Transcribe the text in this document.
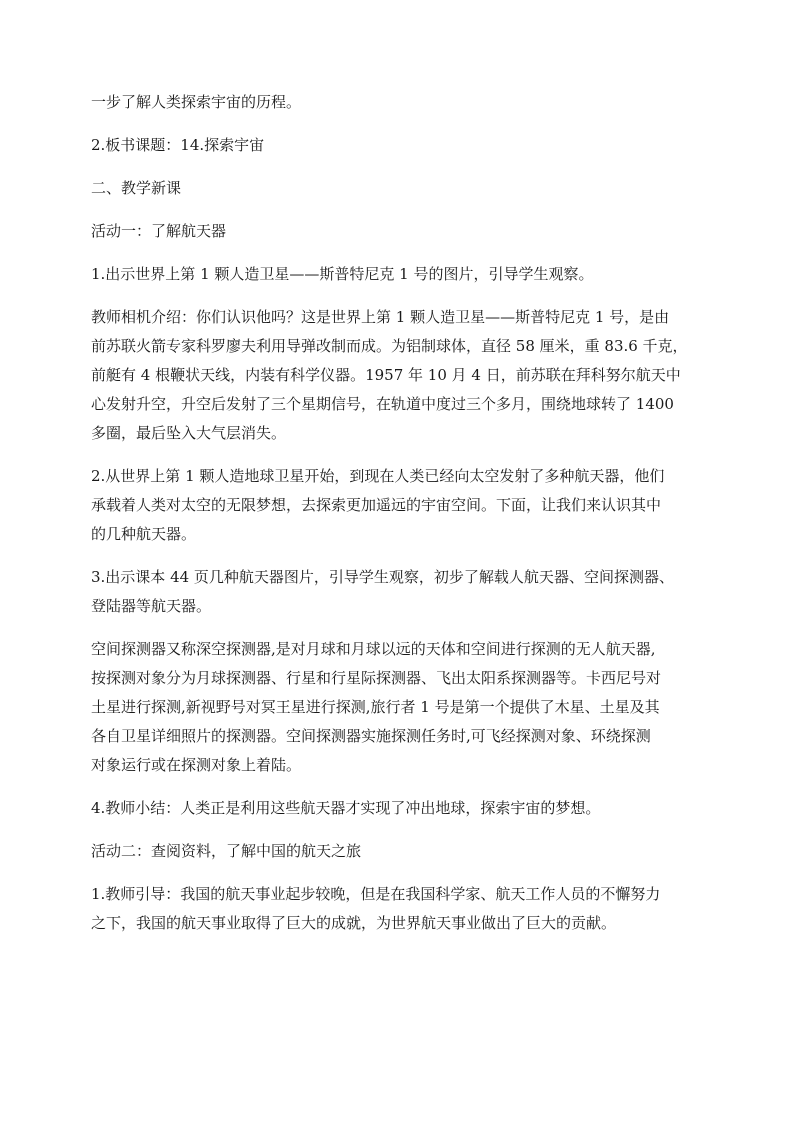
一步了解人类探索宇宙的历程。

2.板书课题：14.探索宇宙

二、教学新课

活动一：了解航天器

1.出示世界上第 1 颗人造卫星——斯普特尼克 1 号的图片，引导学生观察。

教师相机介绍：你们认识他吗？这是世界上第 1 颗人造卫星——斯普特尼克 1 号，是由
前苏联火箭专家科罗廖夫利用导弹改制而成。为铝制球体，直径 58 厘米，重 83.6 千克，
前艇有 4 根鞭状天线，内装有科学仪器。1957 年 10 月 4 日，前苏联在拜科努尔航天中
心发射升空，升空后发射了三个星期信号，在轨道中度过三个多月，围绕地球转了 1400
多圈，最后坠入大气层消失。

2.从世界上第 1 颗人造地球卫星开始，到现在人类已经向太空发射了多种航天器，他们
承载着人类对太空的无限梦想，去探索更加遥远的宇宙空间。下面，让我们来认识其中
的几种航天器。

3.出示课本 44 页几种航天器图片，引导学生观察，初步了解载人航天器、空间探测器、
登陆器等航天器。

空间探测器又称深空探测器,是对月球和月球以远的天体和空间进行探测的无人航天器,
按探测对象分为月球探测器、行星和行星际探测器、飞出太阳系探测器等。卡西尼号对
土星进行探测,新视野号对冥王星进行探测,旅行者 1 号是第一个提供了木星、土星及其
各自卫星详细照片的探测器。空间探测器实施探测任务时,可飞经探测对象、环绕探测
对象运行或在探测对象上着陆。

4.教师小结：人类正是利用这些航天器才实现了冲出地球，探索宇宙的梦想。

活动二：查阅资料，了解中国的航天之旅

1.教师引导：我国的航天事业起步较晚，但是在我国科学家、航天工作人员的不懈努力
之下，我国的航天事业取得了巨大的成就，为世界航天事业做出了巨大的贡献。
